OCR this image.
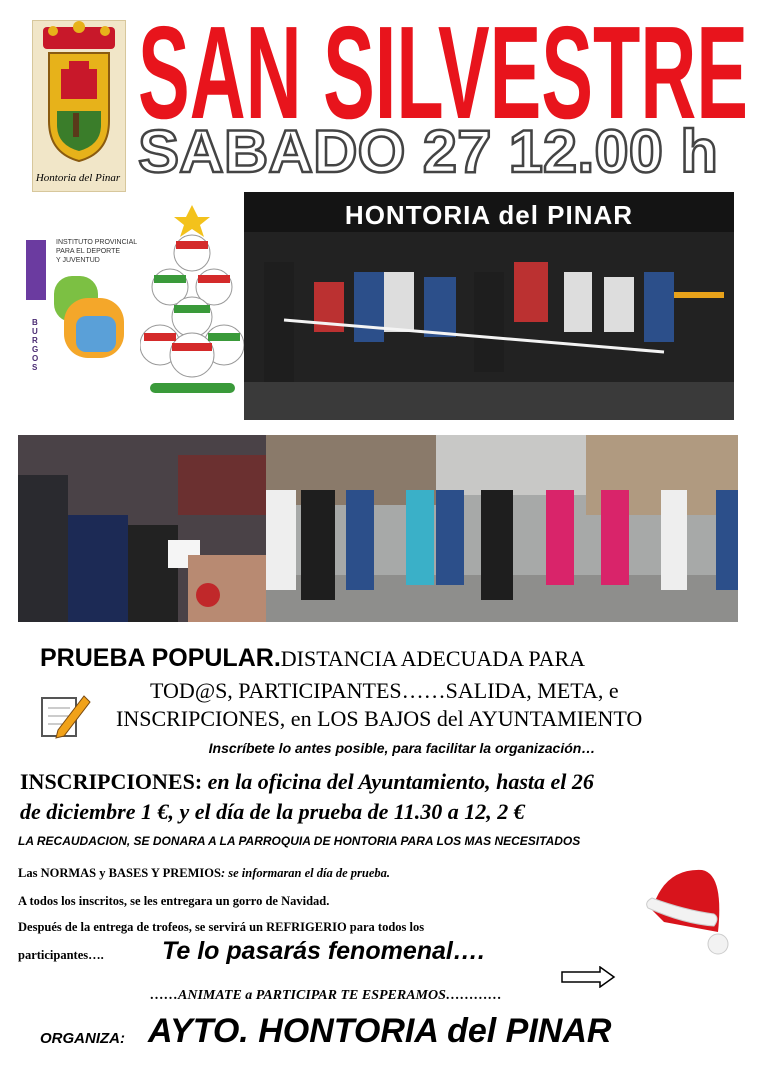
Hontoria del Pinar
SAN SILVESTRE
SABADO 27 12.00 h
INSTITUTO PROVINCIAL
PARA EL DEPORTE
Y JUVENTUD
BURGOS
HONTORIA del PINAR
PRUEBA POPULAR.DISTANCIA ADECUADA PARA
TOD@S, PARTICIPANTES……SALIDA, META, e
INSCRIPCIONES, en LOS BAJOS del AYUNTAMIENTO
Inscríbete lo antes posible, para facilitar la organización…
INSCRIPCIONES: en la oficina del Ayuntamiento, hasta el 26
de diciembre 1 €, y el día de la prueba de 11.30 a 12, 2 €
LA RECAUDACION, SE DONARA A LA PARROQUIA DE HONTORIA PARA LOS MAS NECESITADOS
Las NORMAS y BASES Y PREMIOS: se informaran el día de prueba.
A todos los inscritos, se les entregara un gorro de Navidad.
Después de la entrega de trofeos, se servirá un REFRIGERIO para todos los
participantes….	Te lo pasarás fenomenal….
……ANIMATE a PARTICIPAR TE ESPERAMOS…………
ORGANIZA: AYTO. HONTORIA del PINAR
